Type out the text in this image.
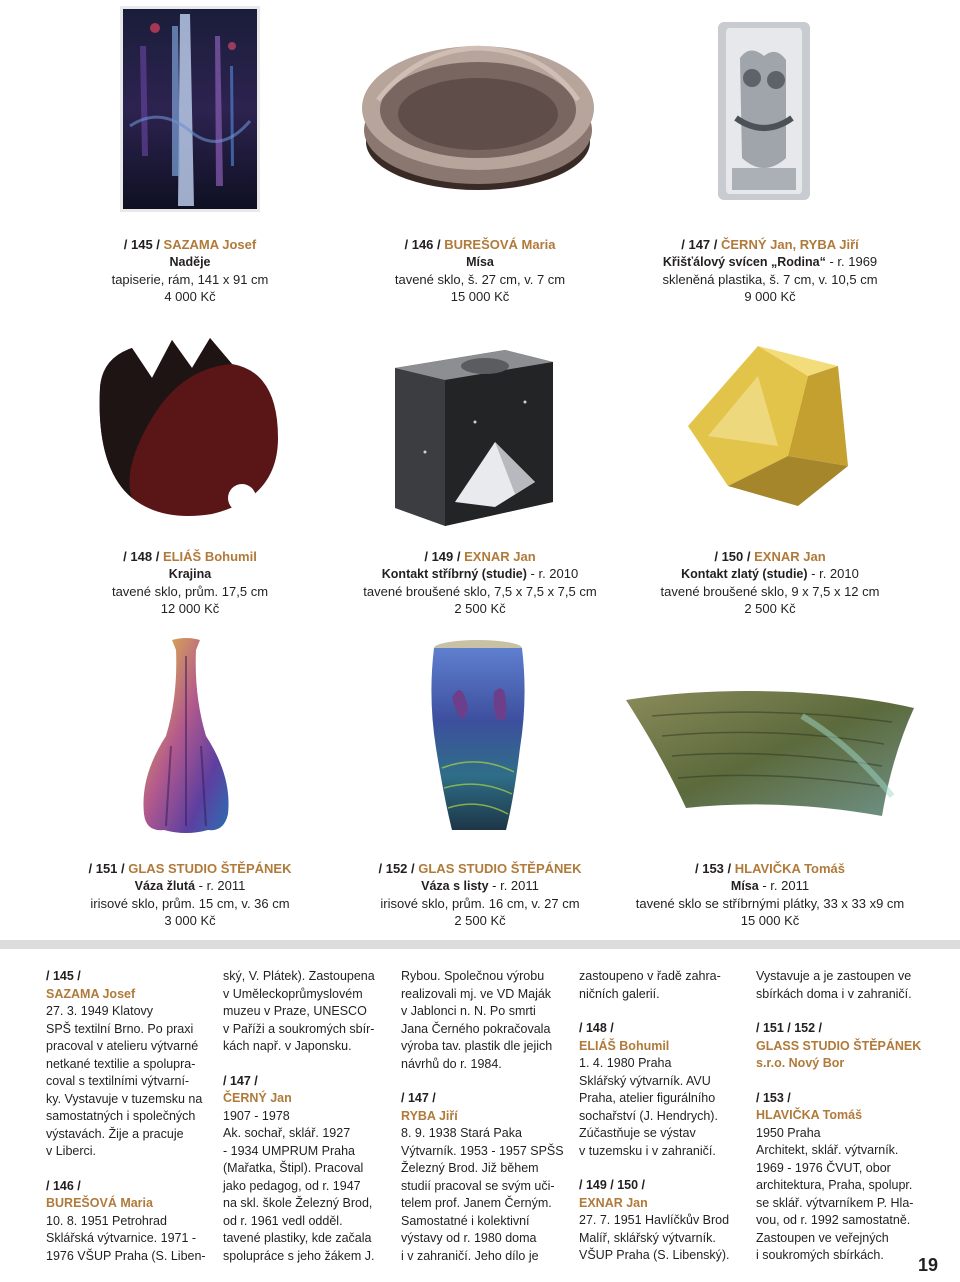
/ 145 / SAZAMA Josef
Naděje
tapiserie, rám, 141 x 91 cm
4 000 Kč
/ 146 / BUREŠOVÁ Maria
Mísa
tavené sklo, š. 27 cm, v. 7 cm
15 000 Kč
/ 147 / ČERNÝ Jan, RYBA Jiří
Křišťálový svícen „Rodina“ - r. 1969
skleněná plastika, š. 7 cm, v. 10,5 cm
9 000 Kč
/ 148 / ELIÁŠ Bohumil
Krajina
tavené sklo, prům. 17,5 cm
12 000 Kč
/ 149 / EXNAR Jan
Kontakt stříbrný (studie) - r. 2010
tavené broušené sklo, 7,5 x 7,5 x 7,5 cm
2 500 Kč
/ 150 / EXNAR Jan
Kontakt zlatý (studie) - r. 2010
tavené broušené sklo, 9 x 7,5 x 12 cm
2 500 Kč
/ 151 / GLAS STUDIO ŠTĚPÁNEK
Váza žlutá - r. 2011
irisové sklo, prům. 15 cm, v. 36 cm
3 000 Kč
/ 152 / GLAS STUDIO ŠTĚPÁNEK
Váza s listy - r. 2011
irisové sklo, prům. 16 cm, v. 27 cm
2 500 Kč
/ 153 / HLAVIČKA Tomáš
Mísa - r. 2011
tavené sklo se stříbrnými plátky, 33 x 33 x9 cm
15 000 Kč
/ 145 /
SAZAMA Josef
27. 3. 1949 Klatovy
SPŠ textilní Brno. Po praxi
pracoval v atelieru výtvarné
netkané textilie a spolupra-
coval s textilními výtvarní-
ky. Vystavuje v tuzemsku na
samostatných i společných
výstavách. Žije a pracuje
v Liberci.
/ 146 /
BUREŠOVÁ Maria
10. 8. 1951 Petrohrad
Sklářská výtvarnice. 1971 -
1976 VŠUP Praha (S. Liben-
ský, V. Plátek). Zastoupena
v Uměleckoprůmyslovém
muzeu v Praze, UNESCO
v Paříži a soukromých sbír-
kách např. v Japonsku.
/ 147 /
ČERNÝ Jan
1907 - 1978
Ak. sochař, sklář. 1927
- 1934 UMPRUM Praha
(Mařatka, Štipl). Pracoval
jako pedagog, od r. 1947
na skl. škole Železný Brod,
od r. 1961 vedl odděl.
tavené plastiky, kde začala
spolupráce s jeho žákem J.
Rybou. Společnou výrobu
realizovali mj. ve VD Maják
v Jablonci n. N. Po smrti
Jana Černého pokračovala
výroba tav. plastik dle jejich
návrhů do r. 1984.
/ 147 /
RYBA Jiří
8. 9. 1938 Stará Paka
Výtvarník. 1953 - 1957 SPŠS
Železný Brod. Již během
studií pracoval se svým uči-
telem prof. Janem Černým.
Samostatné i kolektivní
výstavy od r. 1980 doma
i v zahraničí. Jeho dílo je
zastoupeno v řadě zahra-
ničních galerií.
/ 148 /
ELIÁŠ Bohumil
1. 4. 1980 Praha
Sklářský výtvarník. AVU
Praha, atelier figurálního
sochařství (J. Hendrych).
Zúčastňuje se výstav
v tuzemsku i v zahraničí.
/ 149 / 150 /
EXNAR Jan
27. 7. 1951 Havlíčkův Brod
Malíř, sklářský výtvarník.
VŠUP Praha (S. Libenský).
Vystavuje a je zastoupen ve
sbírkách doma i v zahraničí.
/ 151 / 152 /
GLASS STUDIO ŠTĚPÁNEK
s.r.o. Nový Bor
/ 153 /
HLAVIČKA Tomáš
1950 Praha
Architekt, sklář. výtvarník.
1969 - 1976 ČVUT, obor
architektura, Praha, spolupr.
se sklář. výtvarníkem P. Hla-
vou, od r. 1992 samostatně.
Zastoupen ve veřejných
i soukromých sbírkách.	19
